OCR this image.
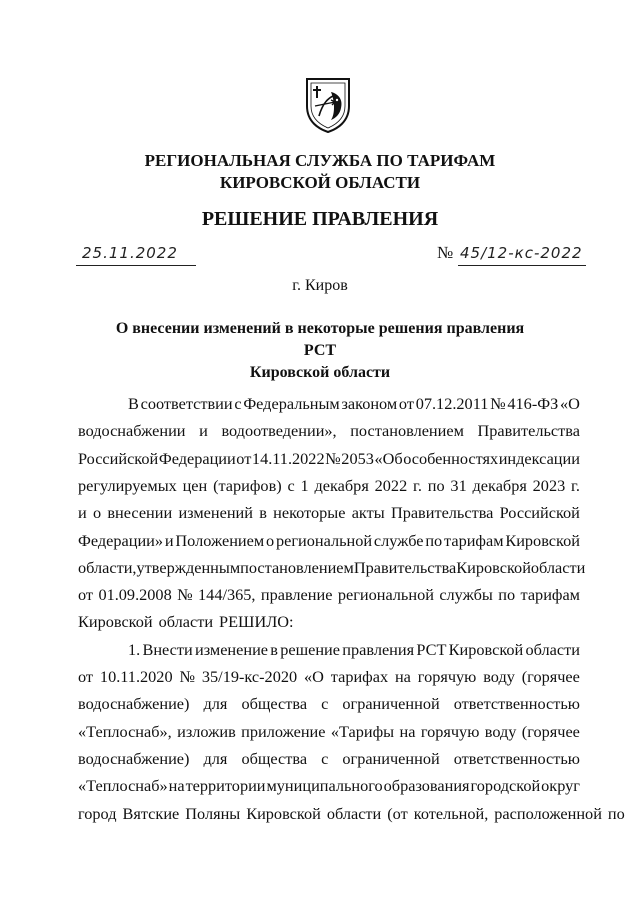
РЕГИОНАЛЬНАЯ СЛУЖБА ПО ТАРИФАМ
КИРОВСКОЙ ОБЛАСТИ
РЕШЕНИЕ ПРАВЛЕНИЯ
25.11.2022	№ 45/12-кс-2022
г. Киров
О внесении изменений в некоторые решения правления РСТ
Кировской области
В соответствии с Федеральным законом от 07.12.2011 № 416-ФЗ «О
водоснабжении и водоотведении», постановлением Правительства
Российской Федерации от 14.11.2022 № 2053 «Об особенностях индексации
регулируемых цен (тарифов) с 1 декабря 2022 г. по 31 декабря 2023 г.
и о внесении изменений в некоторые акты Правительства Российской
Федерации» и Положением о региональной службе по тарифам Кировской
области, утвержденным постановлением Правительства Кировской области
от 01.09.2008 № 144/365, правление региональной службы по тарифам
Кировской области РЕШИЛО:
1. Внести изменение в решение правления РСТ Кировской области
от 10.11.2020 № 35/19-кс-2020 «О тарифах на горячую воду (горячее
водоснабжение) для общества с ограниченной ответственностью
«Теплоснаб», изложив приложение «Тарифы на горячую воду (горячее
водоснабжение) для общества с ограниченной ответственностью
«Теплоснаб» на территории муниципального образования городской округ
город Вятские Поляны Кировской области (от котельной, расположенной по
